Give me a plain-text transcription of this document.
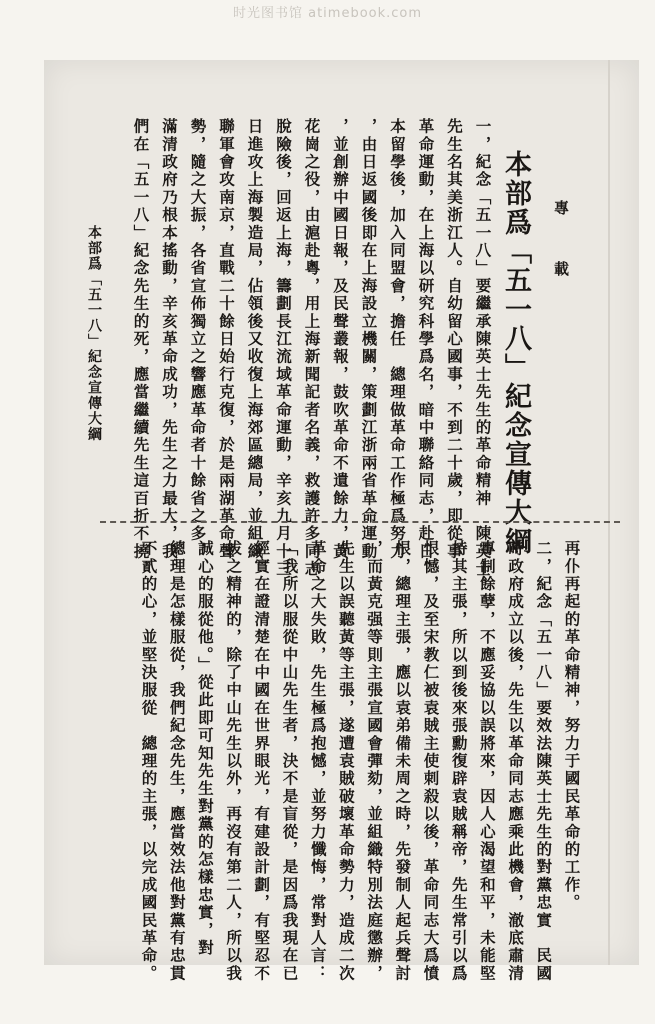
时光图书馆 atimebook.com
專 載
本部爲「五一八」紀念宣傳大綱
本部爲「五一八」紀念宣傳大綱	一，紀念「五一八」要繼承陳英士先生的革命精神　陳英士
先生名其美浙江人。自幼留心國事，不到二十歲，即從事
革命運動，在上海以研究科學爲名，暗中聯絡同志，赴日
本留學後，加入同盟會，擔任　總理做革命工作極爲努力
，由日返國後即在上海設立機關，策劃江浙兩省革命運動
，並創辦中國日報，及民聲叢報，鼓吹革命不遺餘力，黃
花崗之役，由滬赴粵，用上海新聞記者名義，救護許多同志
脫險後，回返上海，籌劃長江流域革命運動，辛亥九月十三
日進攻上海製造局，佔領後又收復上海郊區總局，並組織
聯軍會攻南京，直戰二十餘日始行克復，於是兩湖革命聲
勢，隨之大振，各省宣佈獨立之響應革命者十餘省之多，
滿清政府乃根本搖動，辛亥革命成功，先生之力最大，我
們在「五一八」紀念先生的死，應當繼續先生這百折不撓，
再仆再起的革命精神，努力于國民革命的工作。
二，紀念「五一八」要效法陳英士先生的對黨忠實　民國
時政府成立以後，先生以革命同志應乘此機會，澈底肅清
專制餘孽，不應妥協以誤將來，因人心渴望和平，未能堅
持其主張，所以到後來張勳復辟袁賊稱帝，先生常引以爲
恨憾，及至宋教仁被袁賊主使刺殺以後，革命同志大爲憤
恨，總理主張，應以袁弟備未周之時，先發制人起兵聲討
，而黃克强等則主張宣國會彈劾，並組織特別法庭懲辦，
先生以誤聽黃等主張，遂遭袁賊破壞革命勢力，造成二次
革命之大失敗，先生極爲抱憾，並努力懺悔，常對人言：
「我所以服從中山先生者，決不是盲從，是因爲我現在已
經實在證清楚在中國在世界眼光，有建設計劃，有堅忍不
拔之精神的，除了中山先生以外，再沒有第二人，所以我
誠心的服從他。」從此即可知先生對黨的怎樣忠實，對
總理是怎樣服從，我們紀念先生，應當效法他對黨有忠貫
不貳的心，並堅決服從　總理的主張，以完成國民革命。
